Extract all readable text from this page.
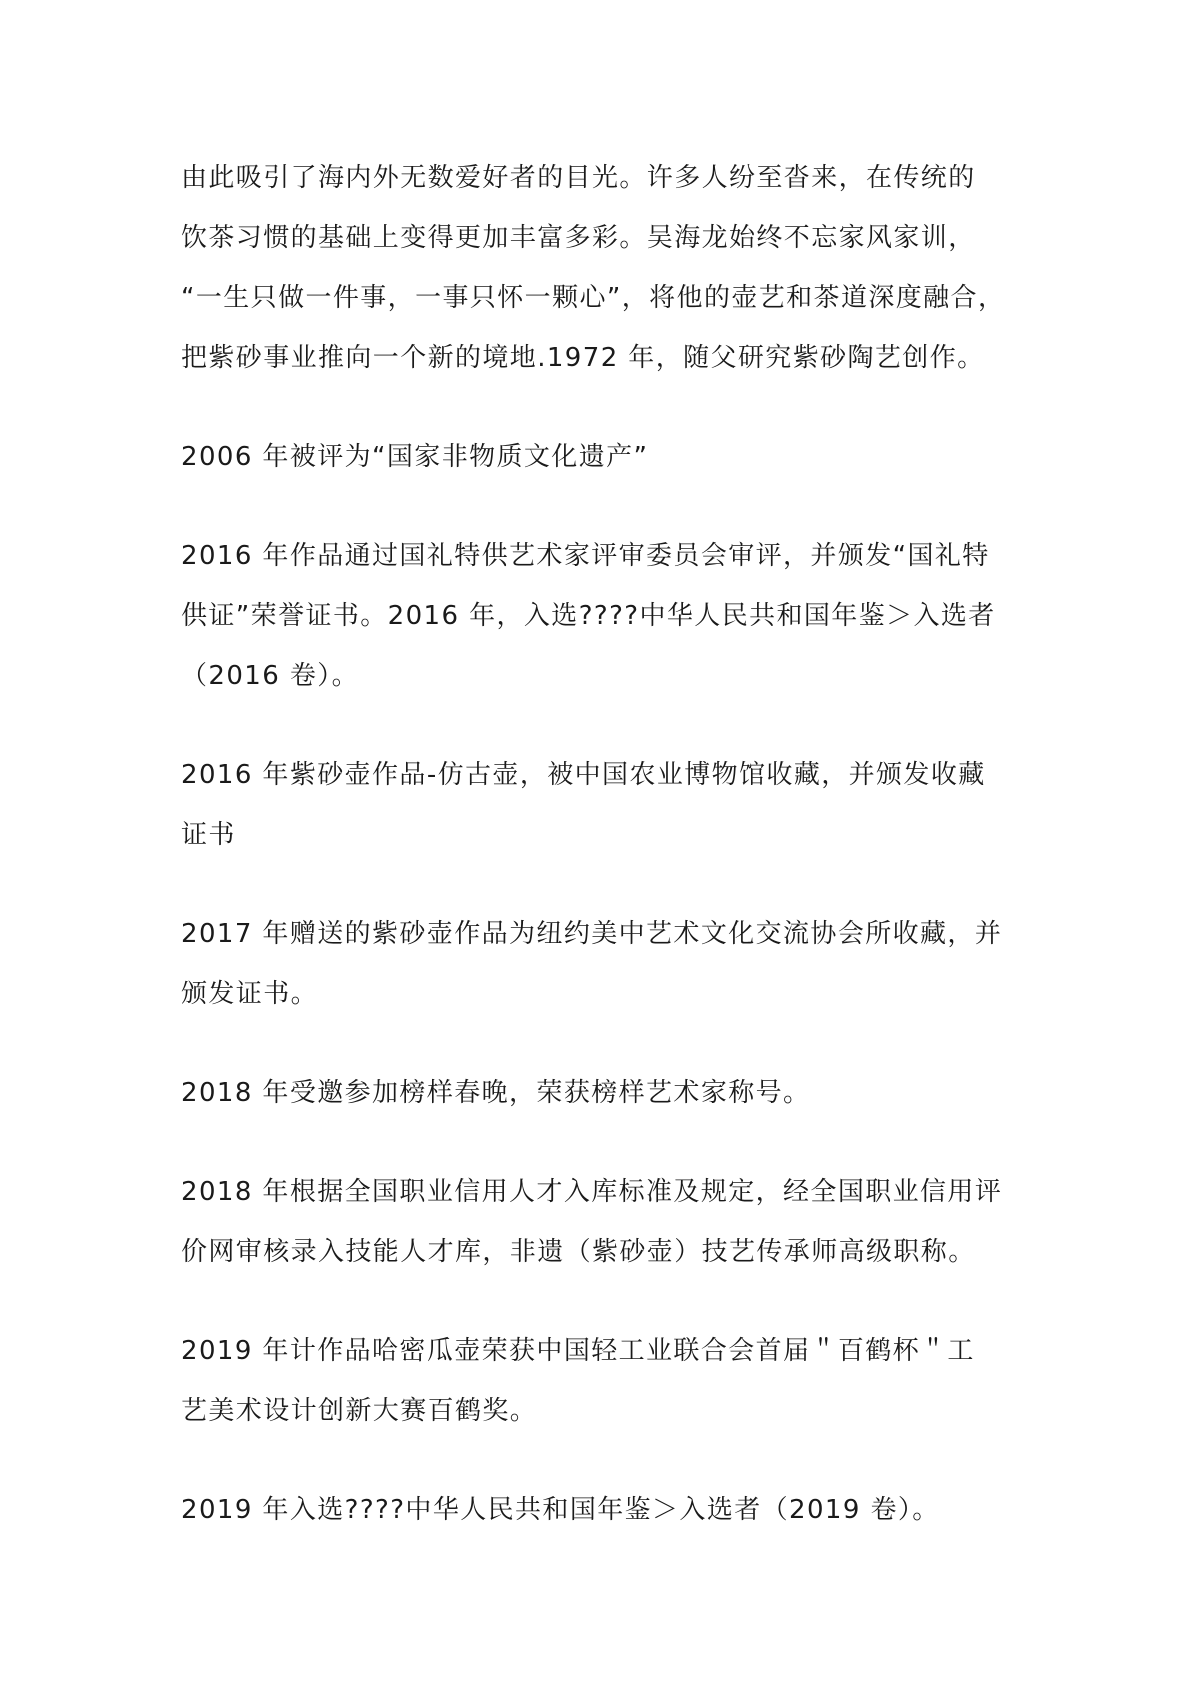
由此吸引了海内外无数爱好者的目光。许多人纷至沓来，在传统的
饮茶习惯的基础上变得更加丰富多彩。吴海龙始终不忘家风家训，
“一生只做一件事，一事只怀一颗心”，将他的壶艺和茶道深度融合，
把紫砂事业推向一个新的境地.1972 年，随父研究紫砂陶艺创作。

2006 年被评为“国家非物质文化遗产”

2016 年作品通过国礼特供艺术家评审委员会审评，并颁发“国礼特
供证”荣誉证书。2016 年，入选????中华人民共和国年鉴＞入选者
（2016 卷）。

2016 年紫砂壶作品-仿古壶，被中国农业博物馆收藏，并颁发收藏
证书

2017 年赠送的紫砂壶作品为纽约美中艺术文化交流协会所收藏，并
颁发证书。

2018 年受邀参加榜样春晚，荣获榜样艺术家称号。

2018 年根据全国职业信用人才入库标准及规定，经全国职业信用评
价网审核录入技能人才库，非遗（紫砂壶）技艺传承师高级职称。

2019 年计作品哈密瓜壶荣获中国轻工业联合会首届＂百鹤杯＂工
艺美术设计创新大赛百鹤奖。

2019 年入选????中华人民共和国年鉴＞入选者（2019 卷）。
